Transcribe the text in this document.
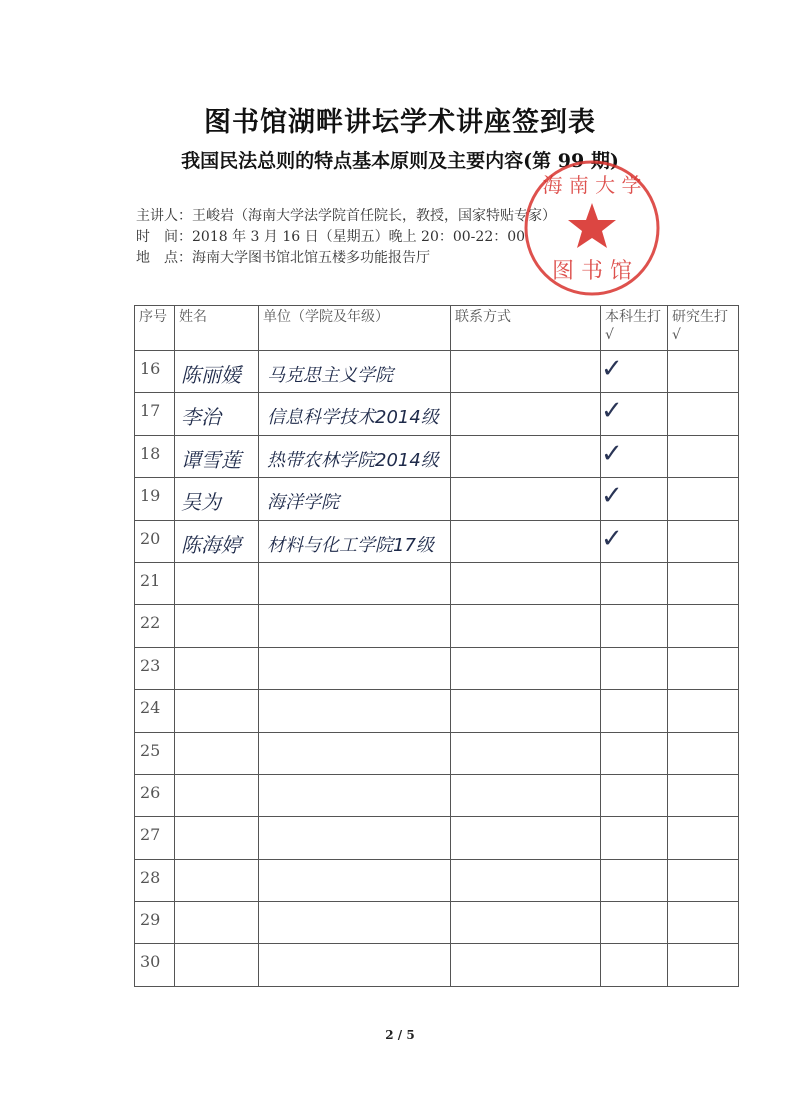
图书馆湖畔讲坛学术讲座签到表
我国民法总则的特点基本原则及主要内容(第 99 期)
主讲人：王峻岩（海南大学法学院首任院长，教授，国家特贴专家）
时　间：2018 年 3 月 16 日（星期五）晚上 20：00-22：00
地　点：海南大学图书馆北馆五楼多功能报告厅
海 南 大 学
图 书 馆
序号	姓名	单位（学院及年级）	联系方式	本科生打√	研究生打√
16	陈丽媛	马克思主义学院		✓	
17	李治	信息科学技术2014级		✓	
18	谭雪莲	热带农林学院2014级		✓	
19	吴为	海洋学院		✓	
20	陈海婷	材料与化工学院17级		✓	
21					
22					
23					
24					
25					
26					
27					
28					
29					
30					
2 / 5
